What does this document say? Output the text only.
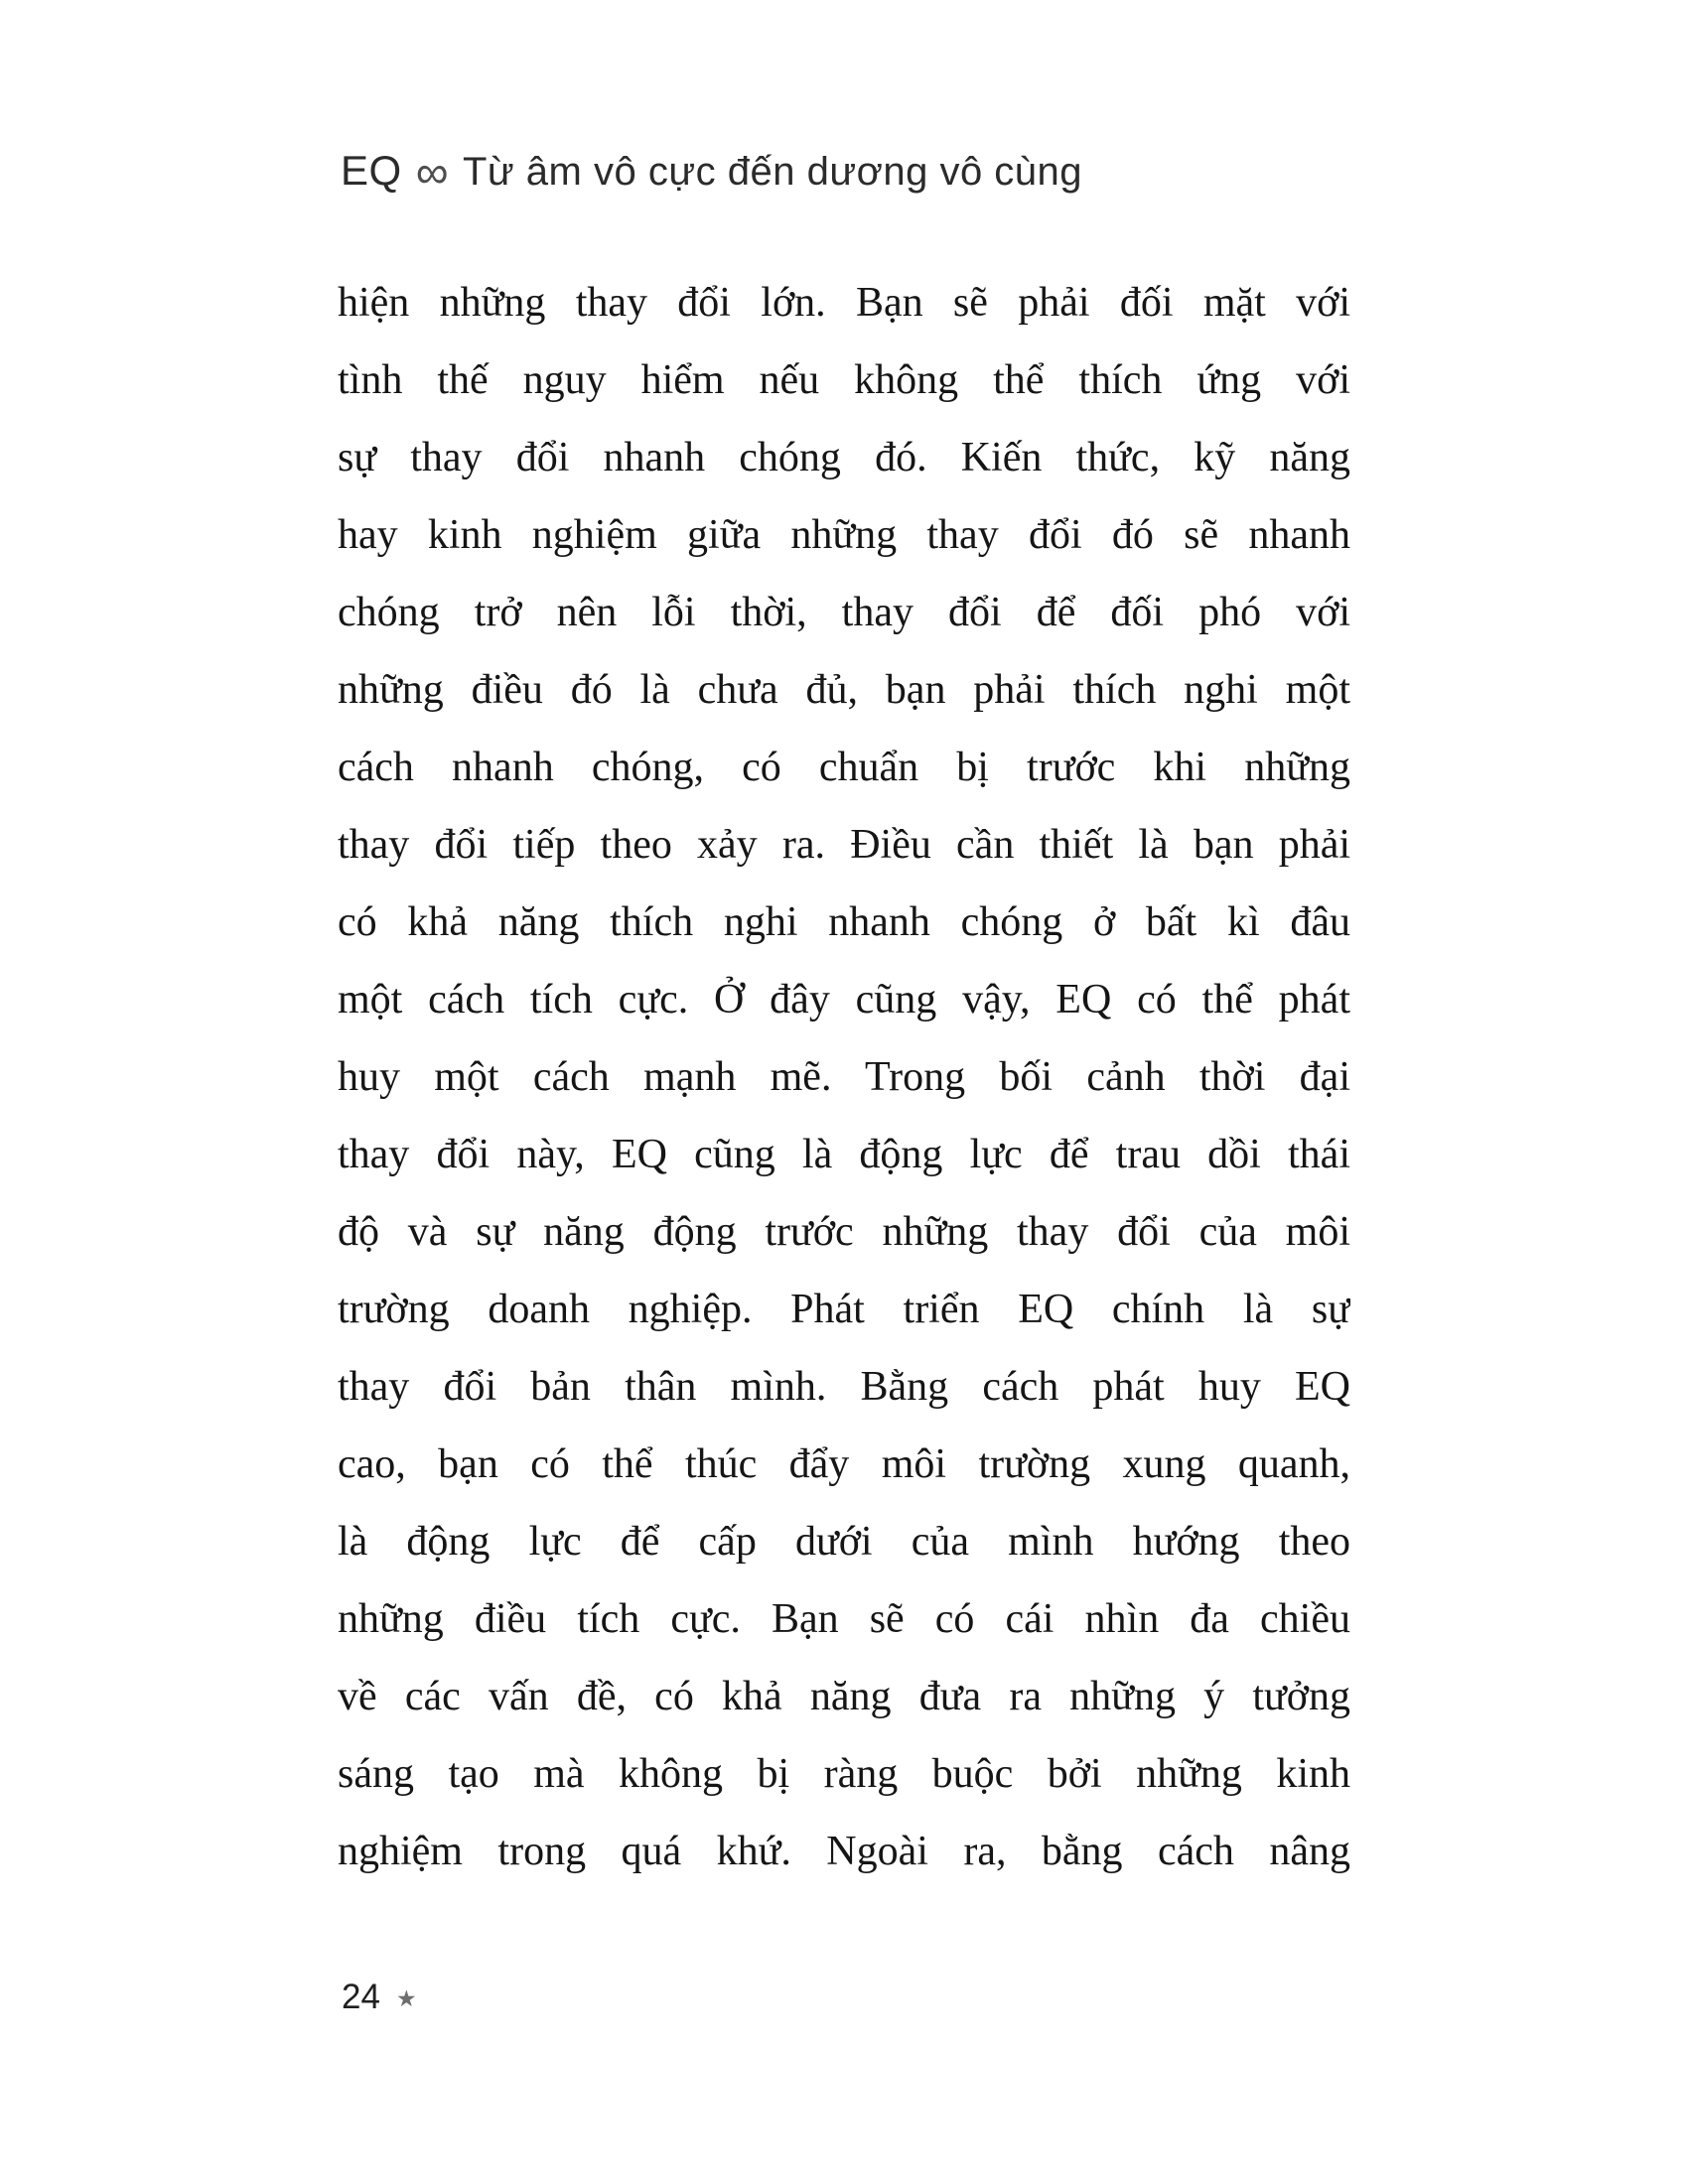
EQ ∞ Từ âm vô cực đến dương vô cùng
hiện những thay đổi lớn. Bạn sẽ phải đối mặt với
tình thế nguy hiểm nếu không thể thích ứng với
sự thay đổi nhanh chóng đó. Kiến thức, kỹ năng
hay kinh nghiệm giữa những thay đổi đó sẽ nhanh
chóng trở nên lỗi thời, thay đổi để đối phó với
những điều đó là chưa đủ, bạn phải thích nghi một
cách nhanh chóng, có chuẩn bị trước khi những
thay đổi tiếp theo xảy ra. Điều cần thiết là bạn phải
có khả năng thích nghi nhanh chóng ở bất kì đâu
một cách tích cực. Ở đây cũng vậy, EQ có thể phát
huy một cách mạnh mẽ. Trong bối cảnh thời đại
thay đổi này, EQ cũng là động lực để trau dồi thái
độ và sự năng động trước những thay đổi của môi
trường doanh nghiệp. Phát triển EQ chính là sự
thay đổi bản thân mình. Bằng cách phát huy EQ
cao, bạn có thể thúc đẩy môi trường xung quanh,
là động lực để cấp dưới của mình hướng theo
những điều tích cực. Bạn sẽ có cái nhìn đa chiều
về các vấn đề, có khả năng đưa ra những ý tưởng
sáng tạo mà không bị ràng buộc bởi những kinh
nghiệm trong quá khứ. Ngoài ra, bằng cách nâng
24 ★
